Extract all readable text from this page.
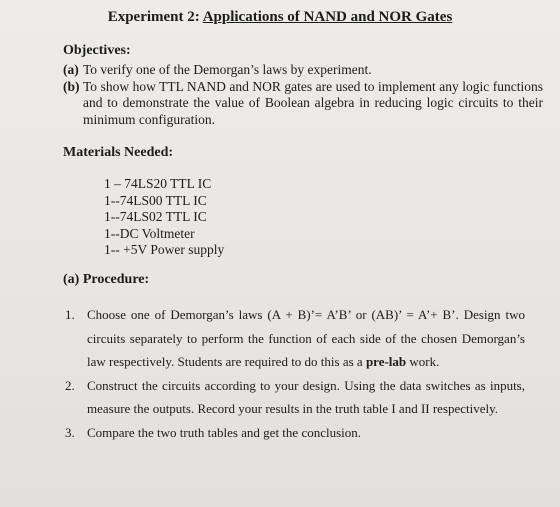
Experiment 2: Applications of NAND and NOR Gates
Objectives:
(a) To verify one of the Demorgan’s laws by experiment.
(b) To show how TTL NAND and NOR gates are used to implement any logic functions and to demonstrate the value of Boolean algebra in reducing logic circuits to their minimum configuration.
Materials Needed:
1 – 74LS20 TTL IC
1--74LS00 TTL IC
1--74LS02 TTL IC
1--DC Voltmeter
1-- +5V Power supply
(a) Procedure:
1. Choose one of Demorgan’s laws (A + B)’= A’B’ or (AB)’ = A’+ B’. Design two circuits separately to perform the function of each side of the chosen Demorgan’s law respectively. Students are required to do this as a pre-lab work.
2. Construct the circuits according to your design. Using the data switches as inputs, measure the outputs. Record your results in the truth table I and II respectively.
3. Compare the two truth tables and get the conclusion.
